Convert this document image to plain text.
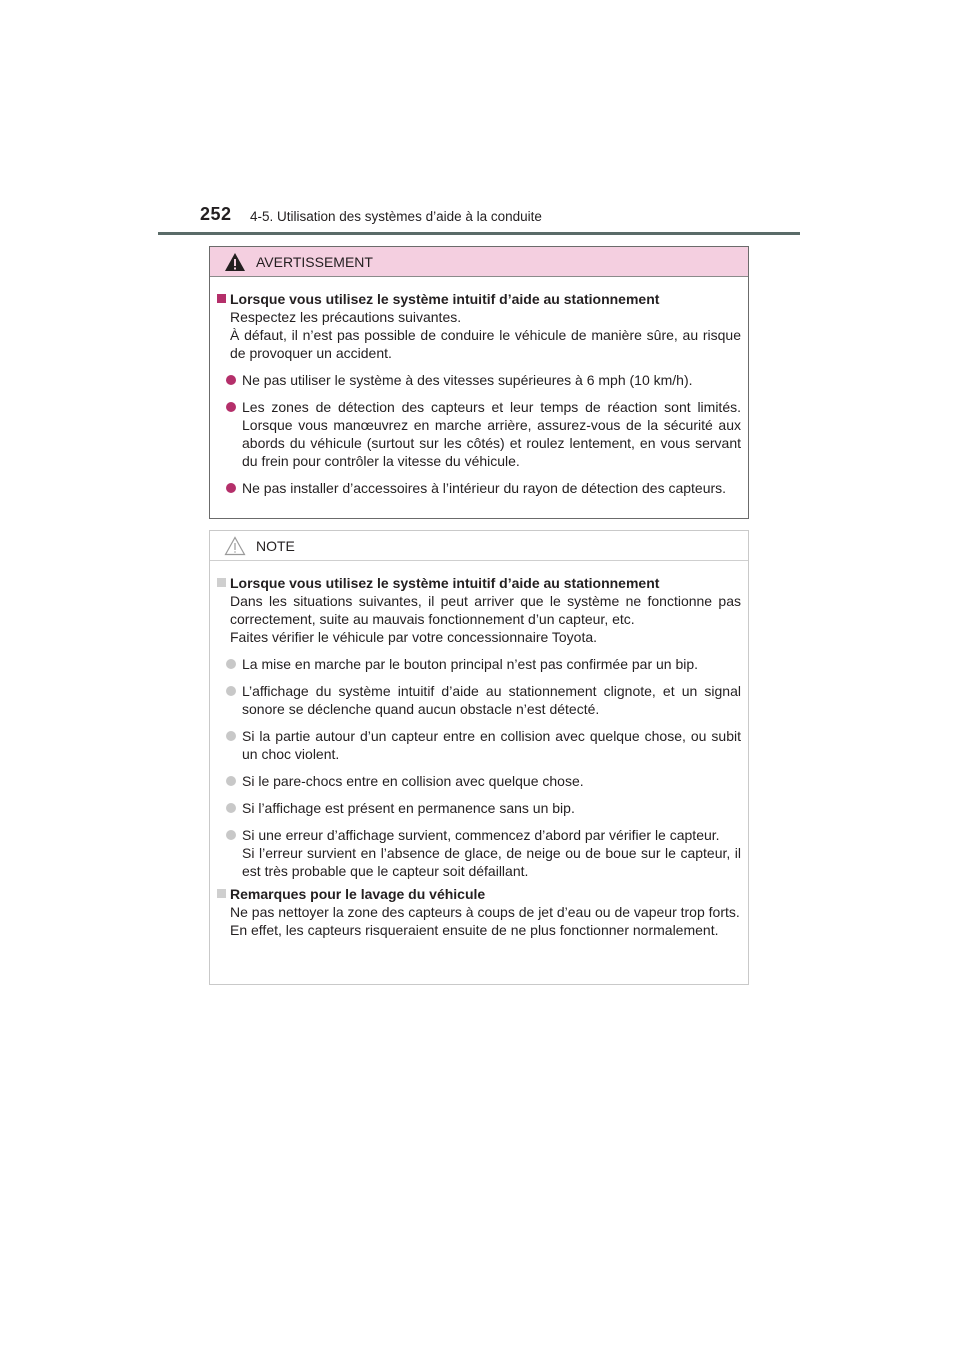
252 4-5. Utilisation des systèmes d’aide à la conduite
AVERTISSEMENT
Lorsque vous utilisez le système intuitif d’aide au stationnement
Respectez les précautions suivantes.
À défaut, il n’est pas possible de conduire le véhicule de manière sûre, au risque de provoquer un accident.
Ne pas utiliser le système à des vitesses supérieures à 6 mph (10 km/h).
Les zones de détection des capteurs et leur temps de réaction sont limités. Lorsque vous manœuvrez en marche arrière, assurez-vous de la sécurité aux abords du véhicule (surtout sur les côtés) et roulez lentement, en vous servant du frein pour contrôler la vitesse du véhicule.
Ne pas installer d’accessoires à l’intérieur du rayon de détection des capteurs.
NOTE
Lorsque vous utilisez le système intuitif d’aide au stationnement
Dans les situations suivantes, il peut arriver que le système ne fonctionne pas correctement, suite au mauvais fonctionnement d’un capteur, etc.
Faites vérifier le véhicule par votre concessionnaire Toyota.
La mise en marche par le bouton principal n’est pas confirmée par un bip.
L’affichage du système intuitif d’aide au stationnement clignote, et un signal sonore se déclenche quand aucun obstacle n’est détecté.
Si la partie autour d’un capteur entre en collision avec quelque chose, ou subit un choc violent.
Si le pare-chocs entre en collision avec quelque chose.
Si l’affichage est présent en permanence sans un bip.
Si une erreur d’affichage survient, commencez d’abord par vérifier le capteur.
Si l’erreur survient en l’absence de glace, de neige ou de boue sur le capteur, il est très probable que le capteur soit défaillant.
Remarques pour le lavage du véhicule
Ne pas nettoyer la zone des capteurs à coups de jet d’eau ou de vapeur trop forts.
En effet, les capteurs risqueraient ensuite de ne plus fonctionner normalement.
